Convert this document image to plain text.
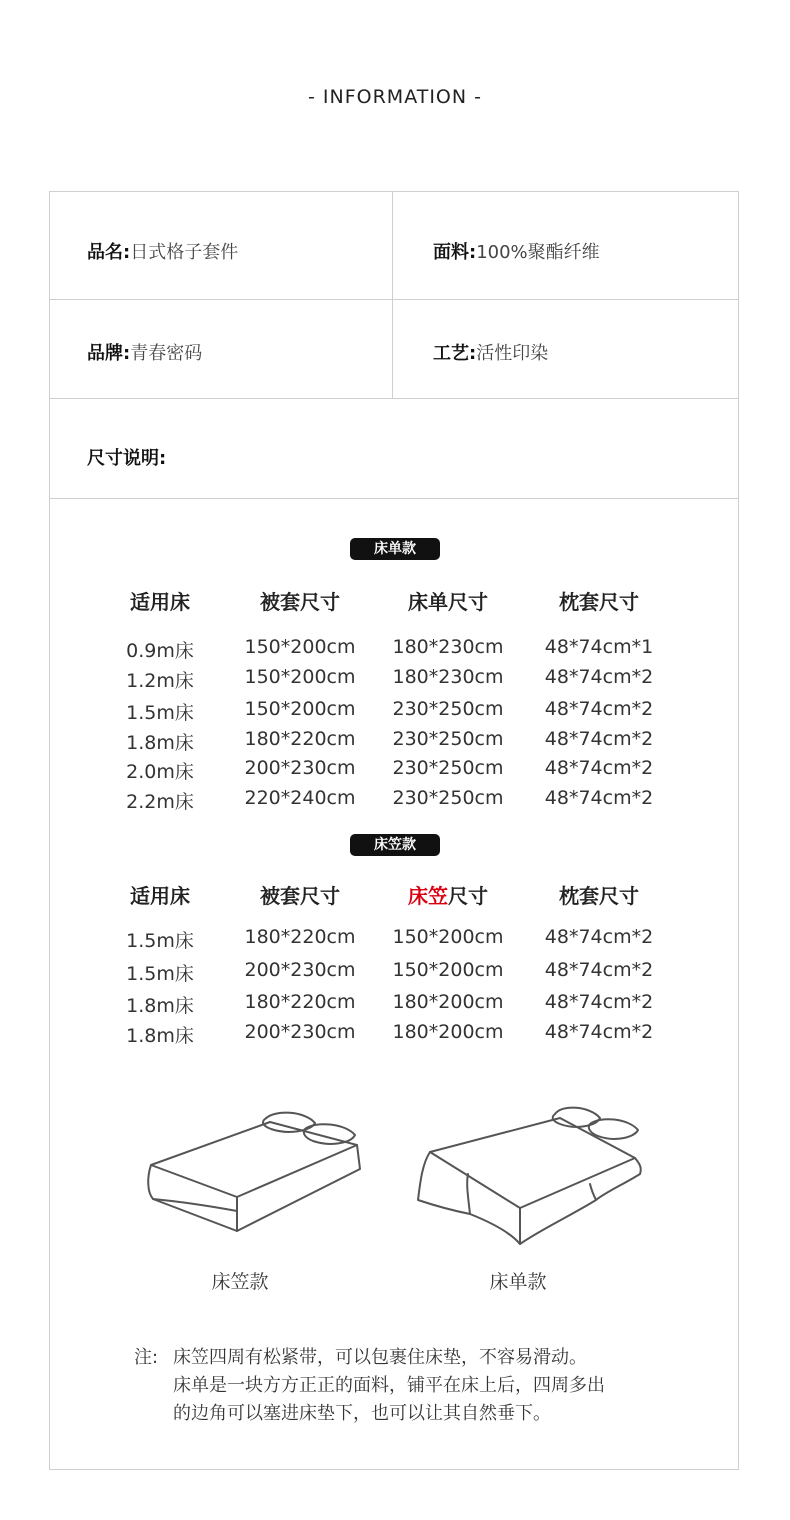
- INFORMATION -
品名:日式格子套件	面料:100%聚酯纤维
品牌:青春密码	工艺:活性印染
尺寸说明:
床单款
适用床	被套尺寸	床单尺寸	枕套尺寸
0.9m床	150*200cm	180*230cm	48*74cm*1
1.2m床	150*200cm	180*230cm	48*74cm*2
1.5m床	150*200cm	230*250cm	48*74cm*2
1.8m床	180*220cm	230*250cm	48*74cm*2
2.0m床	200*230cm	230*250cm	48*74cm*2
2.2m床	220*240cm	230*250cm	48*74cm*2
床笠款
适用床	被套尺寸	床笠尺寸	枕套尺寸
1.5m床	180*220cm	150*200cm	48*74cm*2
1.5m床	200*230cm	150*200cm	48*74cm*2
1.8m床	180*220cm	180*200cm	48*74cm*2
1.8m床	200*230cm	180*200cm	48*74cm*2
床笠款	床单款
注: 床笠四周有松紧带，可以包裹住床垫，不容易滑动。
床单是一块方方正正的面料，铺平在床上后，四周多出
的边角可以塞进床垫下，也可以让其自然垂下。
